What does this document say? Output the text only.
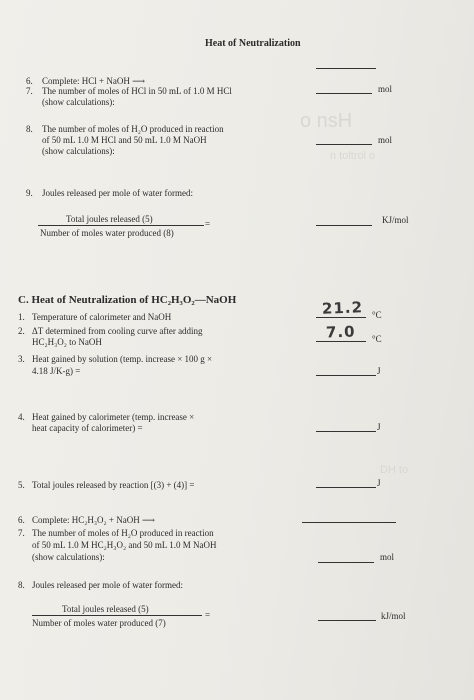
o nsH
n toltrol o
DH to
Heat of Neutralization
6. Complete: HCl + NaOH ⟶
7. The number of moles of HCl in 50 mL of 1.0 M HCl
(show calculations):
mol
8. The number of moles of H₂O produced in reaction
of 50 mL 1.0 M HCl and 50 mL 1.0 M NaOH
(show calculations):
mol
9. Joules released per mole of water formed:
Total joules released (5)
Number of moles water produced (8)
=	KJ/mol
C. Heat of Neutralization of HC₂H₃O₂—NaOH
1. Temperature of calorimeter and NaOH	21.2 °C
2. ΔT determined from cooling curve after adding
HC₂H₃O₂ to NaOH
7.0 °C
3. Heat gained by solution (temp. increase × 100 g ×
4.18 J/K-g) =	J
4. Heat gained by calorimeter (temp. increase ×
heat capacity of calorimeter) =	J
5. Total joules released by reaction [(3) + (4)] =	J
6. Complete: HC₂H₃O₂ + NaOH ⟶
7. The number of moles of H₂O produced in reaction
of 50 mL 1.0 M HC₂H₃O₂ and 50 mL 1.0 M NaOH
(show calculations):	mol
8. Joules released per mole of water formed:
Total joules released (5)
Number of moles water produced (7)
=	kJ/mol
